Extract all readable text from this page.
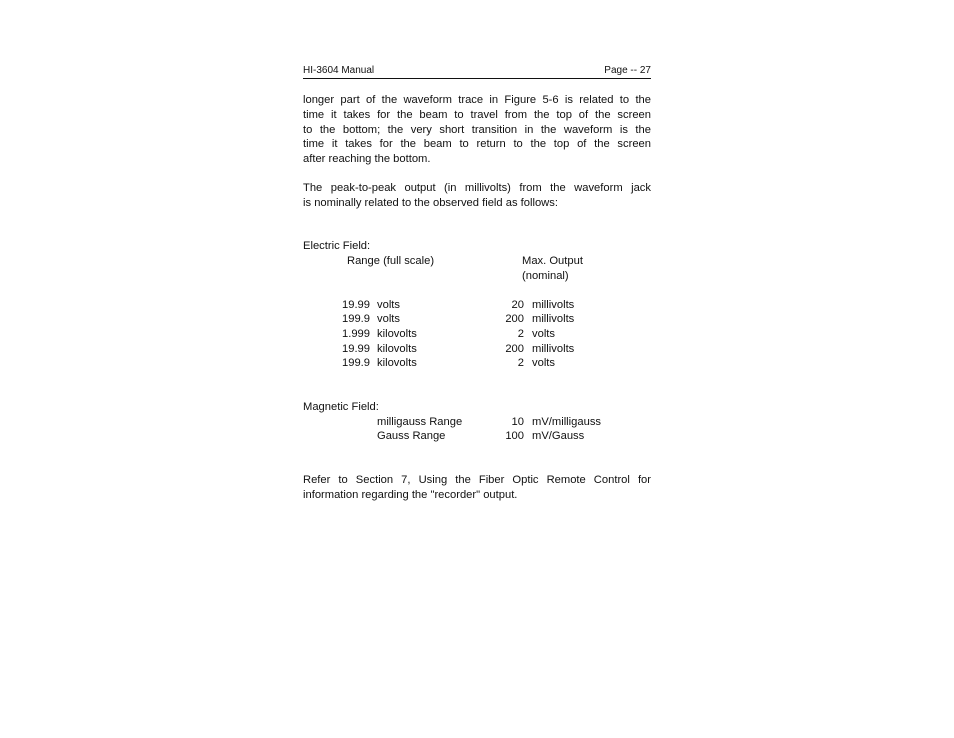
HI-3604 Manual	Page -- 27

longer part of the waveform trace in Figure 5-6 is related to the
time it takes for the beam to travel from the top of the screen
to the bottom; the very short transition in the waveform is the
time it takes for the beam to return to the top of the screen
after reaching the bottom.

The peak-to-peak output (in millivolts) from the waveform jack
is nominally related to the observed field as follows:

Electric Field:
Range (full scale)	Max. Output
(nominal)
19.99 volts	20 millivolts
199.9 volts	200 millivolts
1.999 kilovolts	2 volts
19.99 kilovolts	200 millivolts
199.9 kilovolts	2 volts
Magnetic Field:
milligauss Range	10 mV/milligauss
Gauss Range	100 mV/Gauss

Refer to Section 7, Using the Fiber Optic Remote Control for
information regarding the "recorder" output.
